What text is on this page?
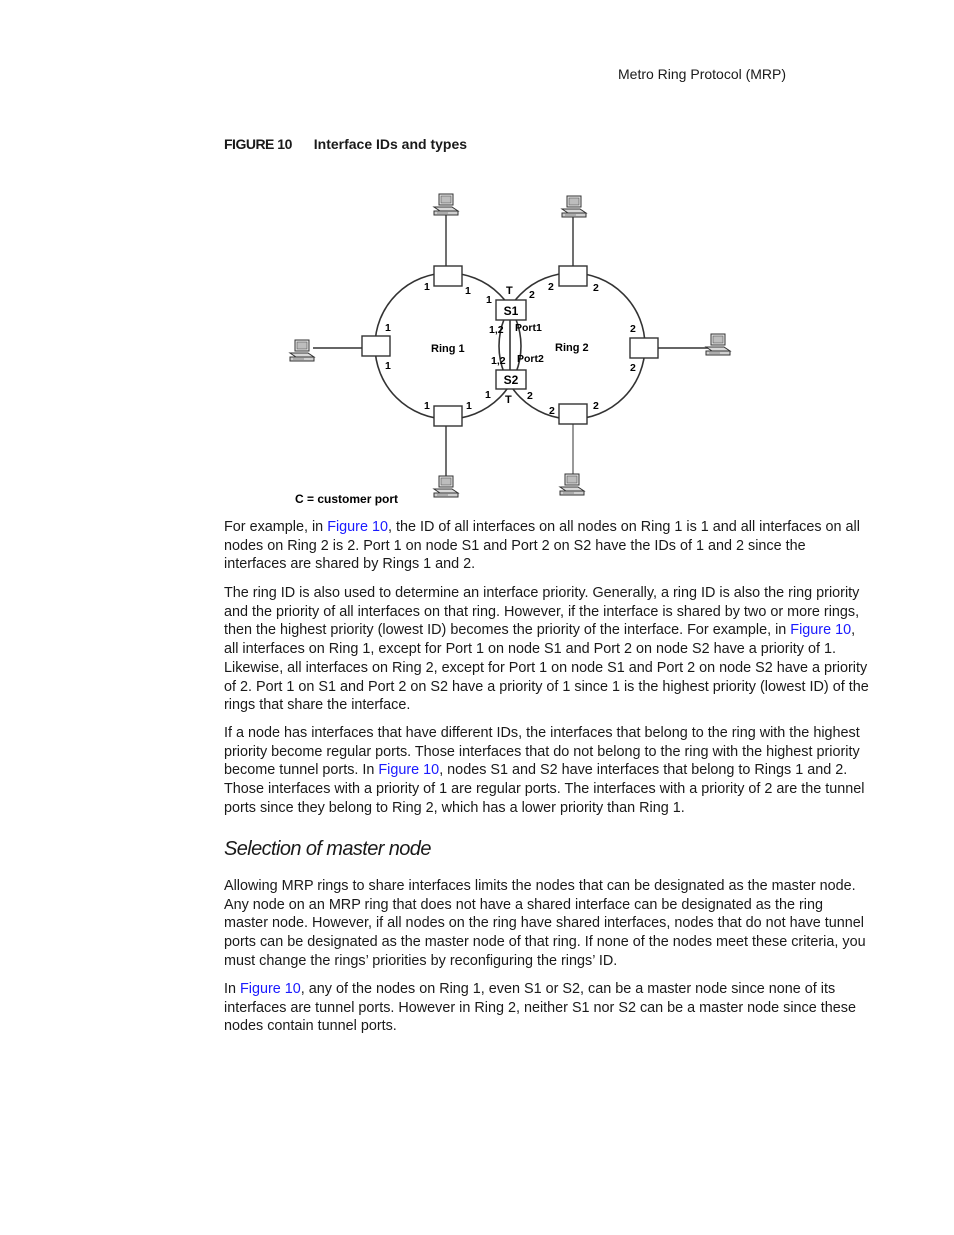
Metro Ring Protocol (MRP)
FIGURE 10 Interface IDs and types
S1
S2
Ring 1	Ring 2
Port1
Port2
1,2
1,2
T
T
1	1
1
1
1
1	1
1
2
2	2
2
2
2
2	2
C = customer port

For example, in Figure 10, the ID of all interfaces on all nodes on Ring 1 is 1 and all interfaces on all nodes on Ring 2 is 2. Port 1 on node S1 and Port 2 on S2 have the IDs of 1 and 2 since the interfaces are shared by Rings 1 and 2.

The ring ID is also used to determine an interface priority. Generally, a ring ID is also the ring priority and the priority of all interfaces on that ring. However, if the interface is shared by two or more rings, then the highest priority (lowest ID) becomes the priority of the interface. For example, in Figure 10, all interfaces on Ring 1, except for Port 1 on node S1 and Port 2 on node S2 have a priority of 1. Likewise, all interfaces on Ring 2, except for Port 1 on node S1 and Port 2 on node S2 have a priority of 2. Port 1 on S1 and Port 2 on S2 have a priority of 1 since 1 is the highest priority (lowest ID) of the rings that share the interface.

If a node has interfaces that have different IDs, the interfaces that belong to the ring with the highest priority become regular ports. Those interfaces that do not belong to the ring with the highest priority become tunnel ports. In Figure 10, nodes S1 and S2 have interfaces that belong to Rings 1 and 2. Those interfaces with a priority of 1 are regular ports. The interfaces with a priority of 2 are the tunnel ports since they belong to Ring 2, which has a lower priority than Ring 1.

Selection of master node

Allowing MRP rings to share interfaces limits the nodes that can be designated as the master node. Any node on an MRP ring that does not have a shared interface can be designated as the ring master node. However, if all nodes on the ring have shared interfaces, nodes that do not have tunnel ports can be designated as the master node of that ring. If none of the nodes meet these criteria, you must change the rings’ priorities by reconfiguring the rings’ ID.

In Figure 10, any of the nodes on Ring 1, even S1 or S2, can be a master node since none of its interfaces are tunnel ports. However in Ring 2, neither S1 nor S2 can be a master node since these nodes contain tunnel ports.
